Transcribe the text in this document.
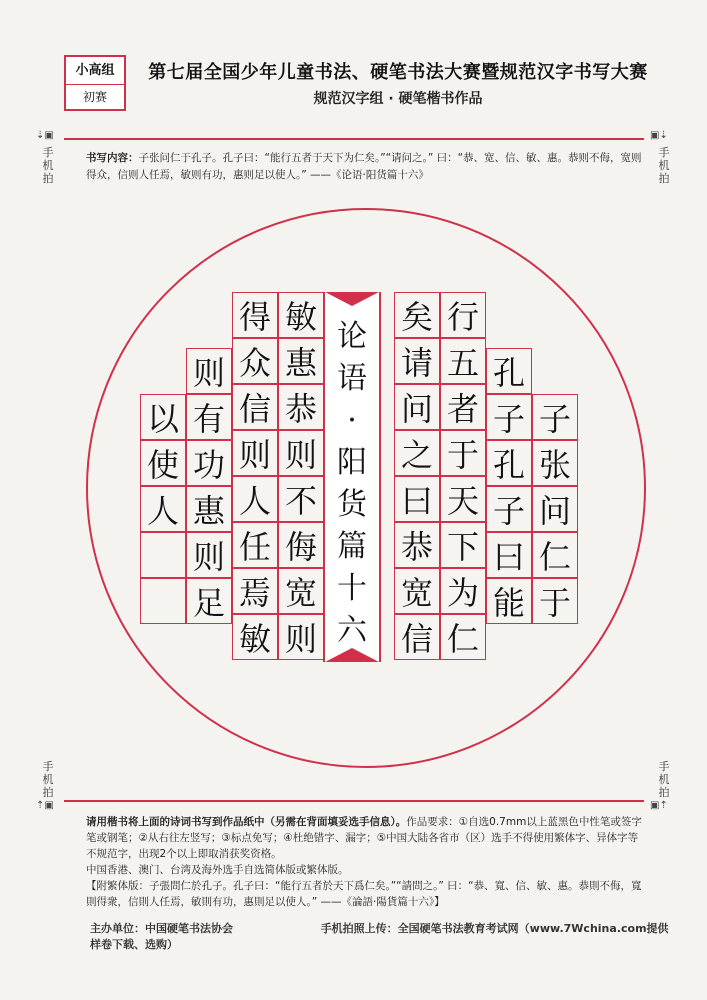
小高组
初赛
第七届全国少年儿童书法、硬笔书法大赛暨规范汉字书写大赛
规范汉字组 · 硬笔楷书作品
⇣▣
手机拍
▣⇣
手机拍
手机拍
⇡▣
手机拍
▣⇡
书写内容：子张问仁于孔子。孔子曰：“能行五者于天下为仁矣。”“请问之。” 曰：“恭、宽、信、敏、惠。恭则不侮，宽则得众，信则人任焉，敏则有功，惠则足以使人。” ——《论语·阳货篇十六》
子
张
问
仁
于
孔
子
孔
子
曰
能
行
五
者
于
天
下
为
仁
矣
请
问
之
曰
恭
宽
信
敏
惠
恭
则
不
侮
宽
则
得
众
信
则
人
任
焉
敏
则
有
功
惠
则
足
以
使
人
论
语
·
阳
货
篇
十
六
请用楷书将上面的诗词书写到作品纸中（另需在背面填妥选手信息）。作品要求：①自选0.7mm以上蓝黑色中性笔或签字笔或钢笔；②从右往左竖写；③标点免写；④杜绝错字、漏字；⑤中国大陆各省市（区）选手不得使用繁体字、异体字等不规范字，出现2个以上即取消获奖资格。
中国香港、澳门、台湾及海外选手自选简体版或繁体版。
【附繁体版：子張問仁於孔子。孔子曰：“能行五者於天下爲仁矣。”“請問之。” 曰：“恭、寬、信、敏、惠。恭則不侮，寬則得衆，信則人任焉，敏則有功，惠則足以使人。” ——《論語·陽貨篇十六》】
主办单位：中国硬笔书法协会	手机拍照上传：全国硬笔书法教育考试网（www.7Wchina.com提供样卷下载、选购）
